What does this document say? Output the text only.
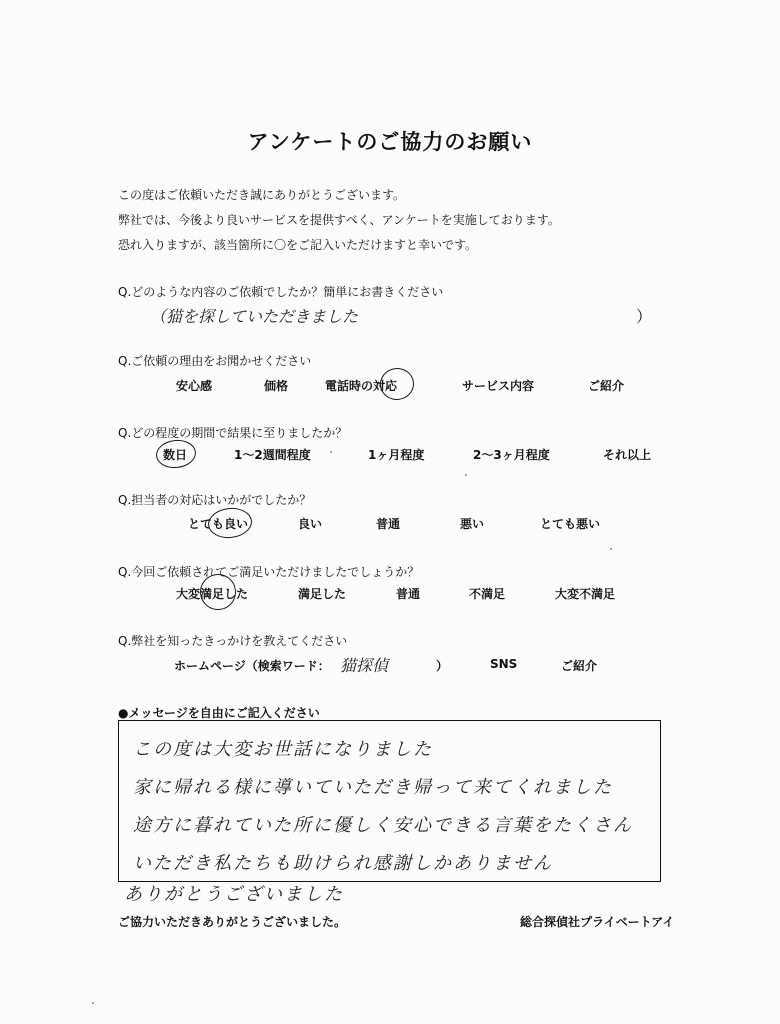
アンケートのご協力のお願い
この度はご依頼いただき誠にありがとうございます。
弊社では、今後より良いサービスを提供すべく、アンケートを実施しております。
恐れ入りますが、該当箇所に〇をご記入いただけますと幸いです。
Q.どのような内容のご依頼でしたか？簡単にお書きください
（猫を探していただきました	）
Q.ご依頼の理由をお聞かせください
安心感	価格	電話時の対応	サービス内容	ご紹介
Q.どの程度の期間で結果に至りましたか？
数日	1～2週間程度	1ヶ月程度	2～3ヶ月程度	それ以上
Q.担当者の対応はいかがでしたか？
とても良い	良い	普通	悪い	とても悪い
Q.今回ご依頼されてご満足いただけましたでしょうか？
大変満足した	満足した	普通	不満足	大変不満足
Q.弊社を知ったきっかけを教えてください
ホームページ（検索ワード： 猫探偵	）	SNS	ご紹介
●メッセージを自由にご記入ください
この度は大変お世話になりました
家に帰れる様に導いていただき帰って来てくれました
途方に暮れていた所に優しく安心できる言葉をたくさん
いただき私たちも助けられ感謝しかありません
ありがとうございました
ご協力いただきありがとうございました。	総合探偵社プライベートアイ
